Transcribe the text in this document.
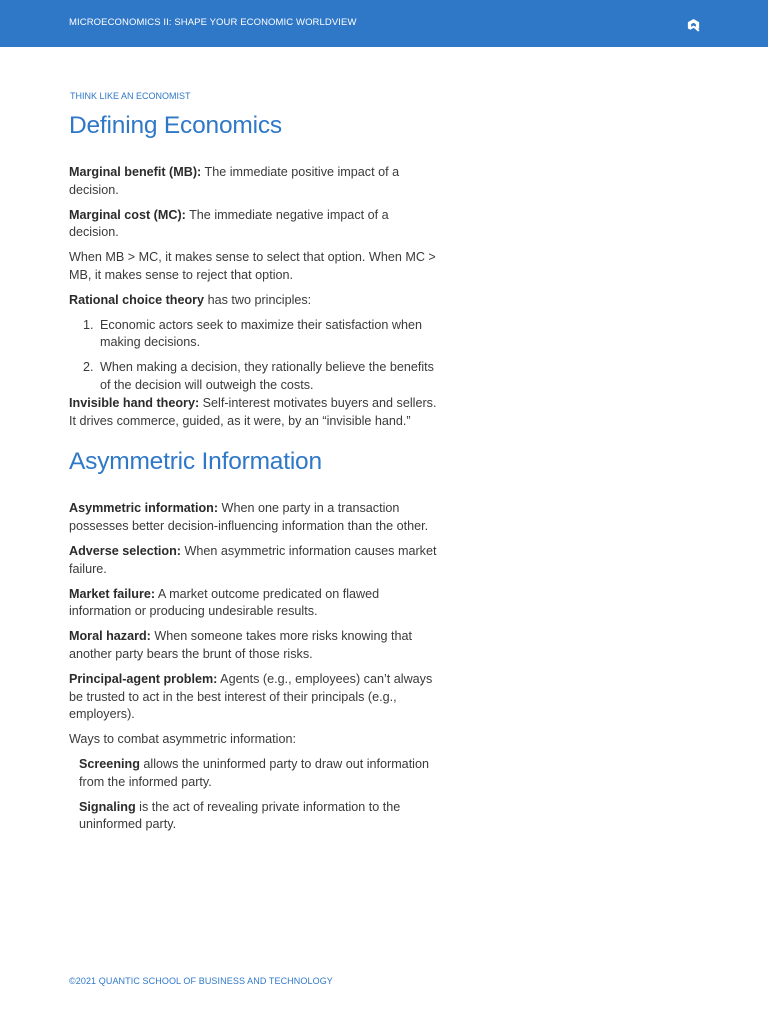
MICROECONOMICS II: SHAPE YOUR ECONOMIC WORLDVIEW
THINK LIKE AN ECONOMIST
Defining Economics

Marginal benefit (MB): The immediate positive impact of a decision.

Marginal cost (MC): The immediate negative impact of a decision.

When MB > MC, it makes sense to select that option. When MC > MB, it makes sense to reject that option.

Rational choice theory has two principles:

1. Economic actors seek to maximize their satisfaction when making decisions.
2. When making a decision, they rationally believe the benefits of the decision will outweigh the costs.

Invisible hand theory: Self-interest motivates buyers and sellers. It drives commerce, guided, as it were, by an “invisible hand.”

Asymmetric Information

Asymmetric information: When one party in a transaction possesses better decision-influencing information than the other.

Adverse selection: When asymmetric information causes market failure.

Market failure: A market outcome predicated on flawed information or producing undesirable results.

Moral hazard: When someone takes more risks knowing that another party bears the brunt of those risks.

Principal-agent problem: Agents (e.g., employees) can’t always be trusted to act in the best interest of their principals (e.g., employers).

Ways to combat asymmetric information:

Screening allows the uninformed party to draw out information from the informed party.

Signaling is the act of revealing private information to the uninformed party.

©2021 QUANTIC SCHOOL OF BUSINESS AND TECHNOLOGY
